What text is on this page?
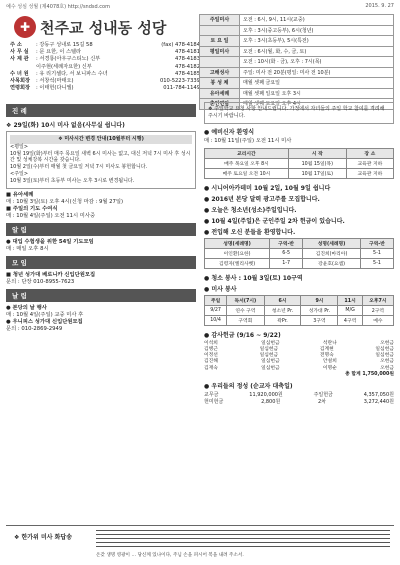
예수 성심 성월 (제4078호) http://sndsd.com	2015. 9. 27
✚ 천주교 성내동 성당
주 소	: 강동구 성내로 15길 58	(fax) 478-4184
사 무 실	: 문 요한, 이 스텔라	478-4181
사 제 관	: 서경룡(아우구스티노) 신부	478-4183
이주현(세례자요한) 신부	478-4182
수 녀 원	: 유 리기셀다, 서 보니파스 수녀	478-4185
사목회장	: 서창석(마태오)	010-5223-7339
연령회장	: 이태헌(다니엘)	011-784-1149
주일미사	오전 : 6시, 9시, 11시(교중)
	오후 : 3시(중고등부), 6시(청년)
토 요 일	오후 : 3시(초등부), 5시(특전)
평일미사	오전 : 6시(월, 화, 수, 금, 토)
	오전 : 10시(화 · 금), 오후 : 7시(목)
고해성사	주일: 미사 전 20분(평일: 미사 전 10분)
봉 성 체	매월 셋째 금요일
유아세례	매월 셋째 일요일 오후 3시
혼인면담	매월 셋째 토요일 오후 4시
진 례
❖ 29일(화) 10시 미사 없음(사무실 쉽니다)
❖ 미사시간 변경 안내(10월부터 시행)
<평일>
10월 19일(화)부터 매주 목요일 새벽 6시 미사는 없고, 대신 저녁 7시 미사 후 성시간 및 성체강복 시간을 갖습니다.
10월 2일(수)부터 매월 첫 금요일 저녁 7시 미사도 봉헌합니다.
<주일>
10월 3일(토)부터 초등부 미사는 오후 3시로 변경됩니다.
■ 유아세례
매 : 10월 3일(토) 오후 4시(신청 마감 : 9월 27일)
■ 주일의 기도 수여식
매 : 10월 4일(주일) 오전 11시 미사중
알 림
● 대입 수험생을 위한 54일 기도모임
매 : 매일 오후 8시
모 임
■ 청년 성가대 베로니카 신입단원모집
문의 : 단장 010-8955-7623
날 림
● 본당의 날 행사
매 : 10월 4일(주일) 교중 미사 후
● 우니피스 성가대 신입단원모집
문의 : 010-2869-2949
❖ 주일학교 요청 사항 안내드립니다. 가정에서 자녀들의 주일 학교 참여를 격려해 주시기 바랍니다.
● 예비신자 환영식
매 : 10월 11일(주일) 오전 11시 미사
교리시간	시 작	장 소
매주 목요일 오후 8시	10월 15일(목)	교육관 지하
매주 토요일 오전 10시	10월 17일(토)	교육관 지하
● 시니어아카데미 10월 2일, 10월 9일 쉽니다
● 2016년 본당 달력 광고주를 모집합니다.
● 오늘은 청소년(성소)주일입니다.
● 10월 4일(주일)은 군인주일 2차 헌금이 있습니다.
● 전입해 오신 분들을 환영합니다.
성명(세례명)	구역-반	성명(세례명)	구역-반
이인환(요한)	6-5	김진희(마리아)	5-1
김령자(엘리사벳)	1-7	강윤호(요셉)	5-1
● 청소 봉사 : 10월 3일(토) 10구역
● 미사 봉사
주일	독서(7시)	6시	9시	11시	오후7시
9/27	연수 구역	청소년 Pr.	성가대 Pr.	M/G	2구역
10/4	구역회	곽Pr.	3구역	4구역	예수
● 감사헌금 (9/16 ~ 9/22)
이석희	일심헌금	석란나	오헌금
김병근	일심헌금	김계현	일심헌금
이정선	일심헌금	전명숙	일심헌금
김진해	일심헌금	안설희	오헌금
김재숙	일심헌금	이명순	오헌금
총 합계 1,750,000원
● 우리들의 정성 (순교자 대축일)
교무금	11,920,000원	주일헌금	4,357,050원
헌미헌금	2,800원	2차	3,272,440원
❖ 한가위 미사 화답송
온갖 생명 영광이 … 당신께 있나이다, 주님 손을 펴시어 복을 내려 주소서.
